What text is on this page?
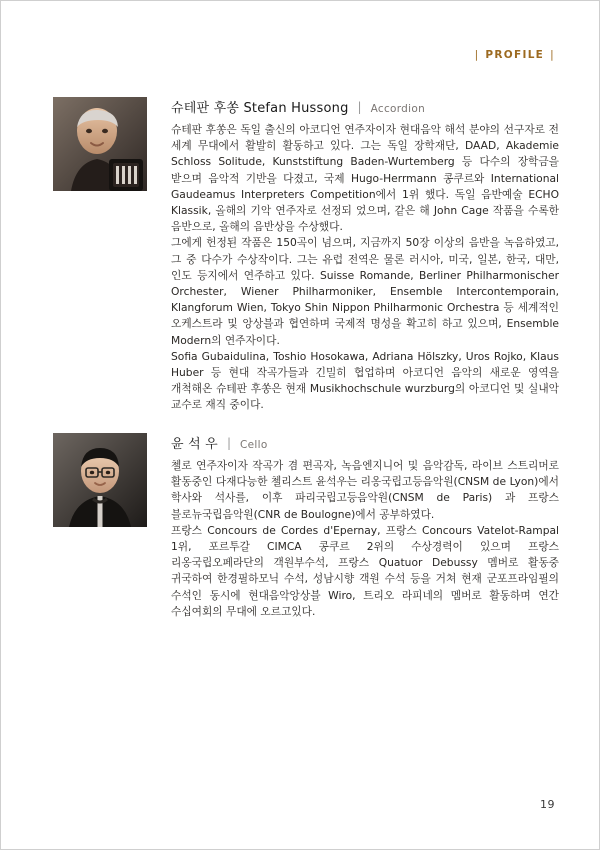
| PROFILE |
슈테판 후쏭 Stefan Hussong | Accordion

슈테판 후쏭은 독일 출신의 아코디언 연주자이자 현대음악 해석 분야의 선구자로 전 세계 무대에서 활발히 활동하고 있다. 그는 독일 장학재단, DAAD, Akademie Schloss Solitude, Kunststiftung Baden-Wurtemberg 등 다수의 장학금을 받으며 음악적 기반을 다졌고, 국제 Hugo-Herrmann 콩쿠르와 International Gaudeamus Interpreters Competition에서 1위 했다. 독일 음반예술 ECHO Klassik, 올해의 기악 연주자로 선정되 었으며, 같은 해 John Cage 작품을 수록한 음반으로, 올해의 음반상을 수상했다.

그에게 헌정된 작품은 150곡이 넘으며, 지금까지 50장 이상의 음반을 녹음하였고, 그 중 다수가 수상작이다. 그는 유럽 전역은 물론 러시아, 미국, 일본, 한국, 대만, 인도 등지에서 연주하고 있다. Suisse Romande, Berliner Philharmonischer Orchester, Wiener Philharmoniker, Ensemble Intercontemporain, Klangforum Wien, Tokyo Shin Nippon Philharmonic Orchestra 등 세계적인 오케스트라 및 앙상블과 협연하며 국제적 명성을 확고히 하고 있으며, Ensemble Modern의 연주자이다.

Sofia Gubaidulina, Toshio Hosokawa, Adriana Hölszky, Uros Rojko, Klaus Huber 등 현대 작곡가들과 긴밀히 협업하며 아코디언 음악의 새로운 영역을 개척해온 슈테판 후쏭은 현재 Musikhochschule wurzburg의 아코디언 및 실내악 교수로 재직 중이다.

윤 석 우 | Cello

첼로 연주자이자 작곡가 겸 편곡자, 녹음엔지니어 및 음악감독, 라이브 스트리머로 활동중인 다재다능한 첼리스트 윤석우는 리옹국립고등음악원(CNSM de Lyon)에서 학사와 석사를, 이후 파리국립고등음악원(CNSM de Paris) 과 프랑스 블로뉴국립음악원(CNR de Boulogne)에서 공부하였다.

프랑스 Concours de Cordes d'Epernay, 프랑스 Concours Vatelot-Rampal 1위, 포르투갈 CIMCA 콩쿠르 2위의 수상경력이 있으며 프랑스 리옹국립오페라단의 객원부수석, 프랑스 Quatuor Debussy 멤버로 활동중 귀국하여 한경필하모닉 수석, 성남시향 객원 수석 등을 거쳐 현재 군포프라임필의 수석인 동시에 현대음악앙상블 Wiro, 트리오 라피네의 멤버로 활동하며 연간 수십여회의 무대에 오르고있다.

19
